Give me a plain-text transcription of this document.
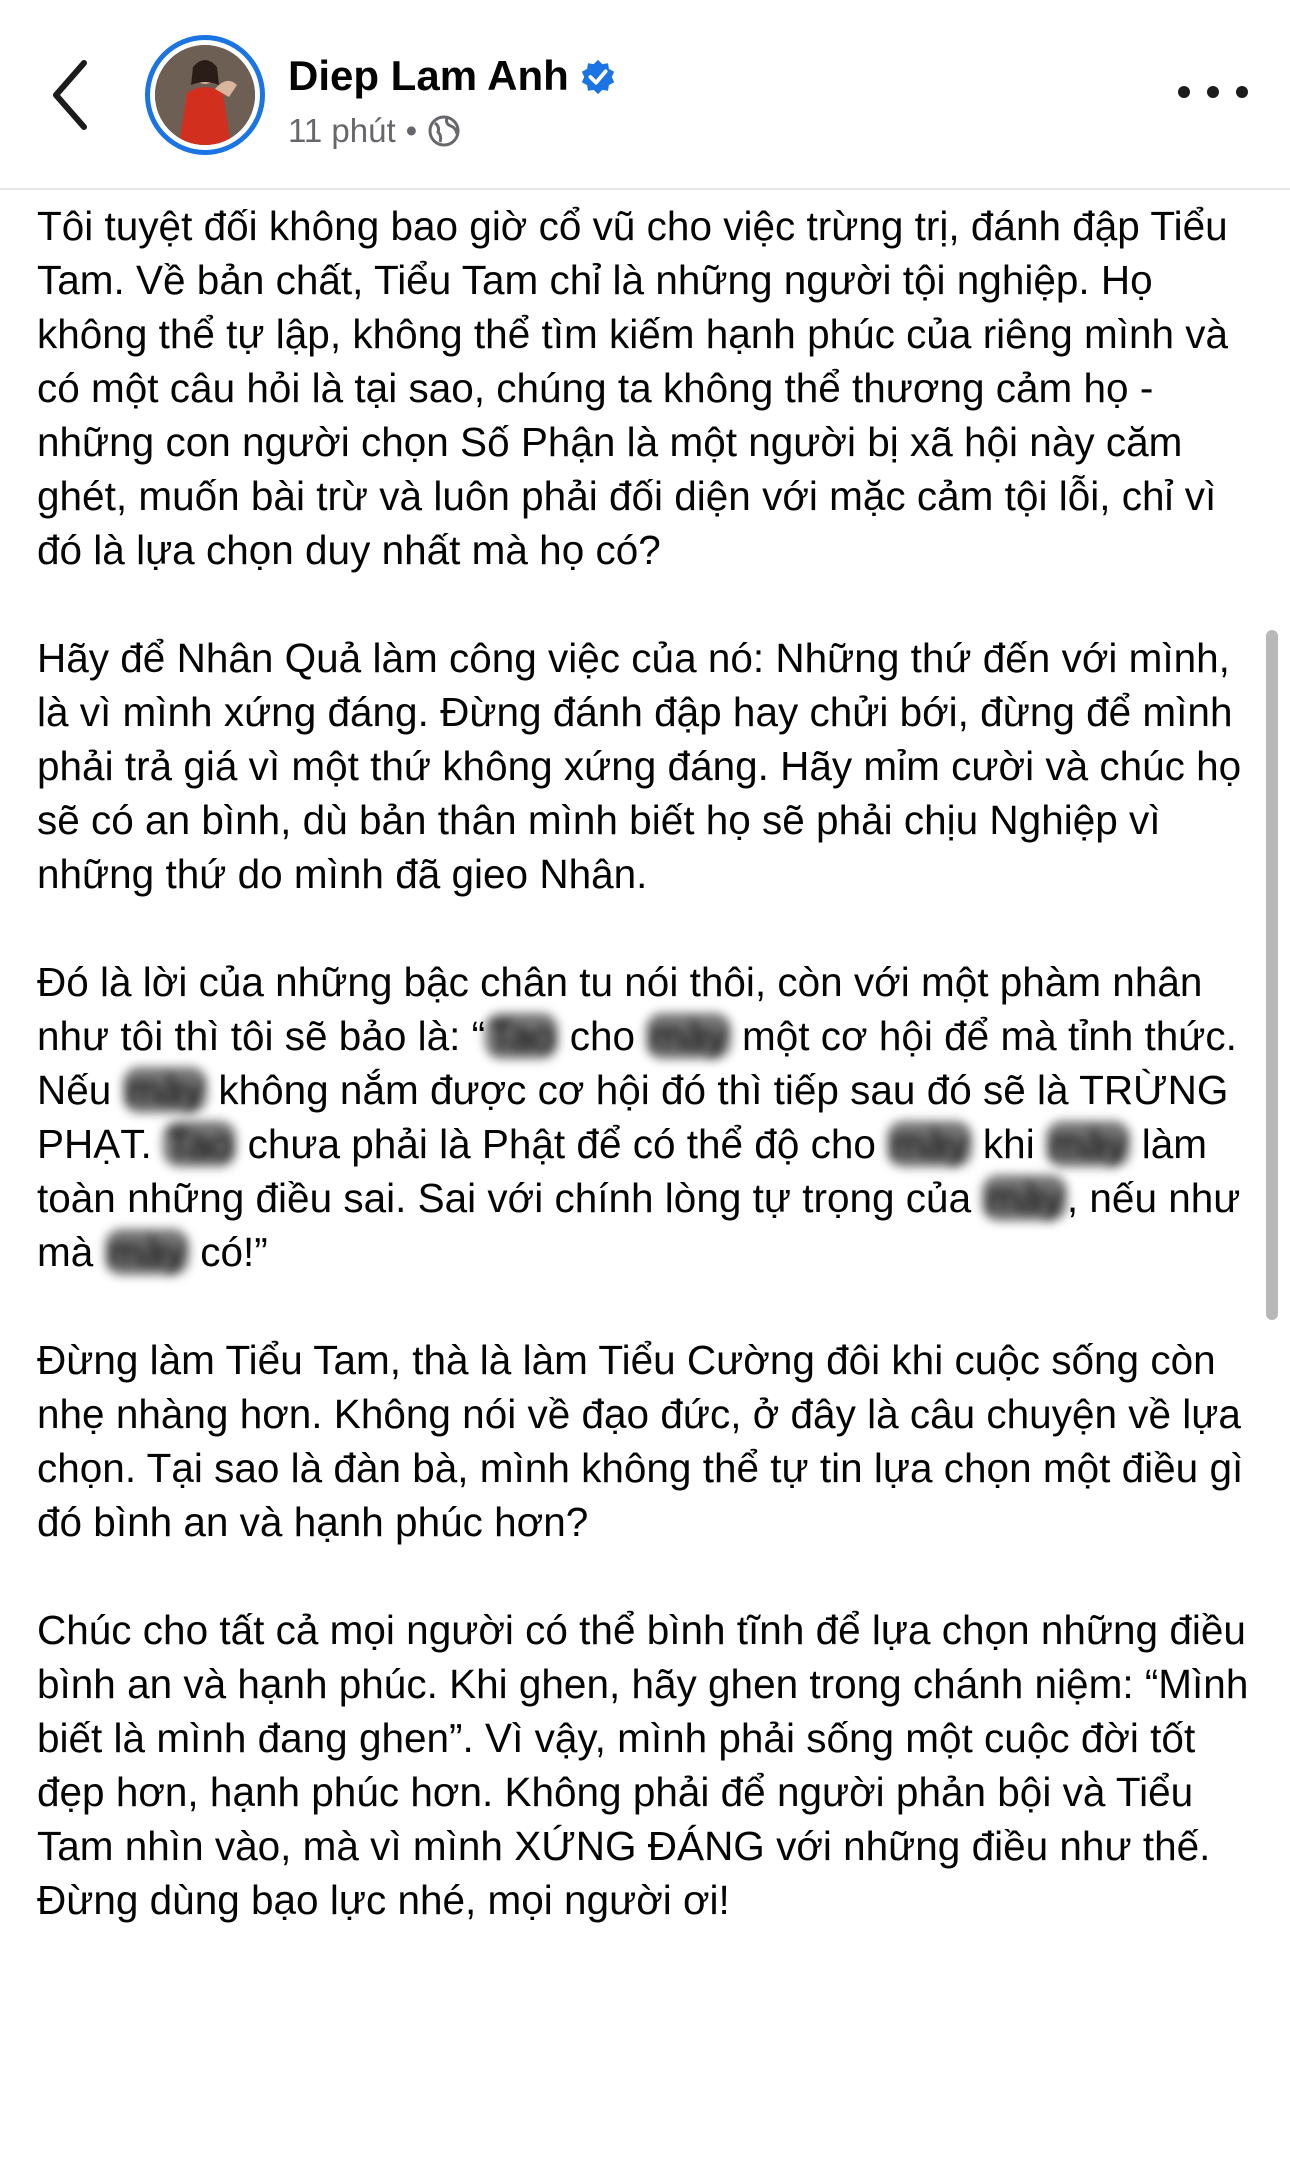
Diep Lam Anh
11 phút •

Tôi tuyệt đối không bao giờ cổ vũ cho việc trừng trị, đánh đập Tiểu Tam. Về bản chất, Tiểu Tam chỉ là những người tội nghiệp. Họ không thể tự lập, không thể tìm kiếm hạnh phúc của riêng mình và có một câu hỏi là tại sao, chúng ta không thể thương cảm họ - những con người chọn Số Phận là một người bị xã hội này căm ghét, muốn bài trừ và luôn phải đối diện với mặc cảm tội lỗi, chỉ vì đó là lựa chọn duy nhất mà họ có?

Hãy để Nhân Quả làm công việc của nó: Những thứ đến với mình, là vì mình xứng đáng. Đừng đánh đập hay chửi bới, đừng để mình phải trả giá vì một thứ không xứng đáng. Hãy mỉm cười và chúc họ sẽ có an bình, dù bản thân mình biết họ sẽ phải chịu Nghiệp vì những thứ do mình đã gieo Nhân.

Đó là lời của những bậc chân tu nói thôi, còn với một phàm nhân như tôi thì tôi sẽ bảo là: “Tao cho mày một cơ hội để mà tỉnh thức. Nếu mày không nắm được cơ hội đó thì tiếp sau đó sẽ là TRỪNG PHẠT. Tao chưa phải là Phật để có thể độ cho mày khi mày làm toàn những điều sai. Sai với chính lòng tự trọng của mày, nếu như mà mày có!”

Đừng làm Tiểu Tam, thà là làm Tiểu Cường đôi khi cuộc sống còn nhẹ nhàng hơn. Không nói về đạo đức, ở đây là câu chuyện về lựa chọn. Tại sao là đàn bà, mình không thể tự tin lựa chọn một điều gì đó bình an và hạnh phúc hơn?

Chúc cho tất cả mọi người có thể bình tĩnh để lựa chọn những điều bình an và hạnh phúc. Khi ghen, hãy ghen trong chánh niệm: “Mình biết là mình đang ghen”. Vì vậy, mình phải sống một cuộc đời tốt đẹp hơn, hạnh phúc hơn. Không phải để người phản bội và Tiểu Tam nhìn vào, mà vì mình XỨNG ĐÁNG với những điều như thế. Đừng dùng bạo lực nhé, mọi người ơi!
